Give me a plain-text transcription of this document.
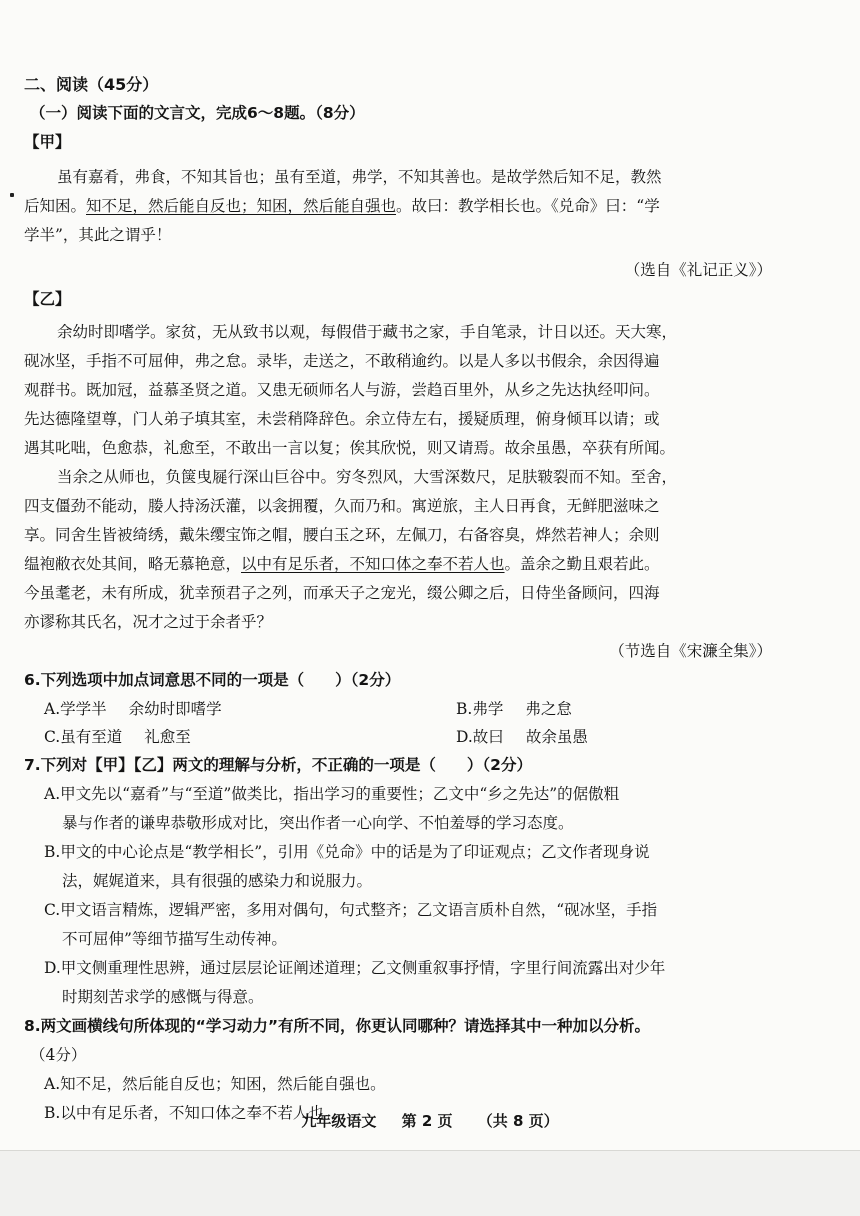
二、阅读（45分）
（一）阅读下面的文言文，完成6～8题。（8分）
【甲】
虽有嘉肴，弗食，不知其旨也；虽有至道，弗学，不知其善也。是故学然后知不足，教然
后知困。知不足，然后能自反也；知困，然后能自强也。故曰：教学相长也。《兑命》曰：“学
学半”，其此之谓乎！
（选自《礼记正义》）
【乙】
余幼时即嗜学。家贫，无从致书以观，每假借于藏书之家，手自笔录，计日以还。天大寒，
砚冰坚，手指不可屈伸，弗之怠。录毕，走送之，不敢稍逾约。以是人多以书假余，余因得遍
观群书。既加冠，益慕圣贤之道。又患无硕师名人与游，尝趋百里外，从乡之先达执经叩问。
先达德隆望尊，门人弟子填其室，未尝稍降辞色。余立侍左右，援疑质理，俯身倾耳以请；或
遇其叱咄，色愈恭，礼愈至，不敢出一言以复；俟其欣悦，则又请焉。故余虽愚，卒获有所闻。
当余之从师也，负箧曳屣行深山巨谷中。穷冬烈风，大雪深数尺，足肤皲裂而不知。至舍，
四支僵劲不能动，媵人持汤沃灌，以衾拥覆，久而乃和。寓逆旅，主人日再食，无鲜肥滋味之
享。同舍生皆被绮绣，戴朱缨宝饰之帽，腰白玉之环，左佩刀，右备容臭，烨然若神人；余则
缊袍敝衣处其间，略无慕艳意，以中有足乐者，不知口体之奉不若人也。盖余之勤且艰若此。
今虽耄老，未有所成，犹幸预君子之列，而承天子之宠光，缀公卿之后，日侍坐备顾问，四海
亦谬称其氏名，况才之过于余者乎？
（节选自《宋濂全集》）
6.下列选项中加点词意思不同的一项是（　　）（2分）
A.学学半 余幼时即嗜学	B.弗学 弗之怠
C.虽有至道 礼愈至	D.故曰 故余虽愚
7.下列对【甲】【乙】两文的理解与分析，不正确的一项是（　　）（2分）
A.甲文先以“嘉肴”与“至道”做类比，指出学习的重要性；乙文中“乡之先达”的倨傲粗
暴与作者的谦卑恭敬形成对比，突出作者一心向学、不怕羞辱的学习态度。
B.甲文的中心论点是“教学相长”，引用《兑命》中的话是为了印证观点；乙文作者现身说
法，娓娓道来，具有很强的感染力和说服力。
C.甲文语言精炼，逻辑严密，多用对偶句，句式整齐；乙文语言质朴自然，“砚冰坚，手指
不可屈伸”等细节描写生动传神。
D.甲文侧重理性思辨，通过层层论证阐述道理；乙文侧重叙事抒情，字里行间流露出对少年
时期刻苦求学的感慨与得意。
8.两文画横线句所体现的“学习动力”有所不同，你更认同哪种？请选择其中一种加以分析。
（4分）
A.知不足，然后能自反也；知困，然后能自强也。
B.以中有足乐者，不知口体之奉不若人也。
九年级语文 第 2 页 （共 8 页）
